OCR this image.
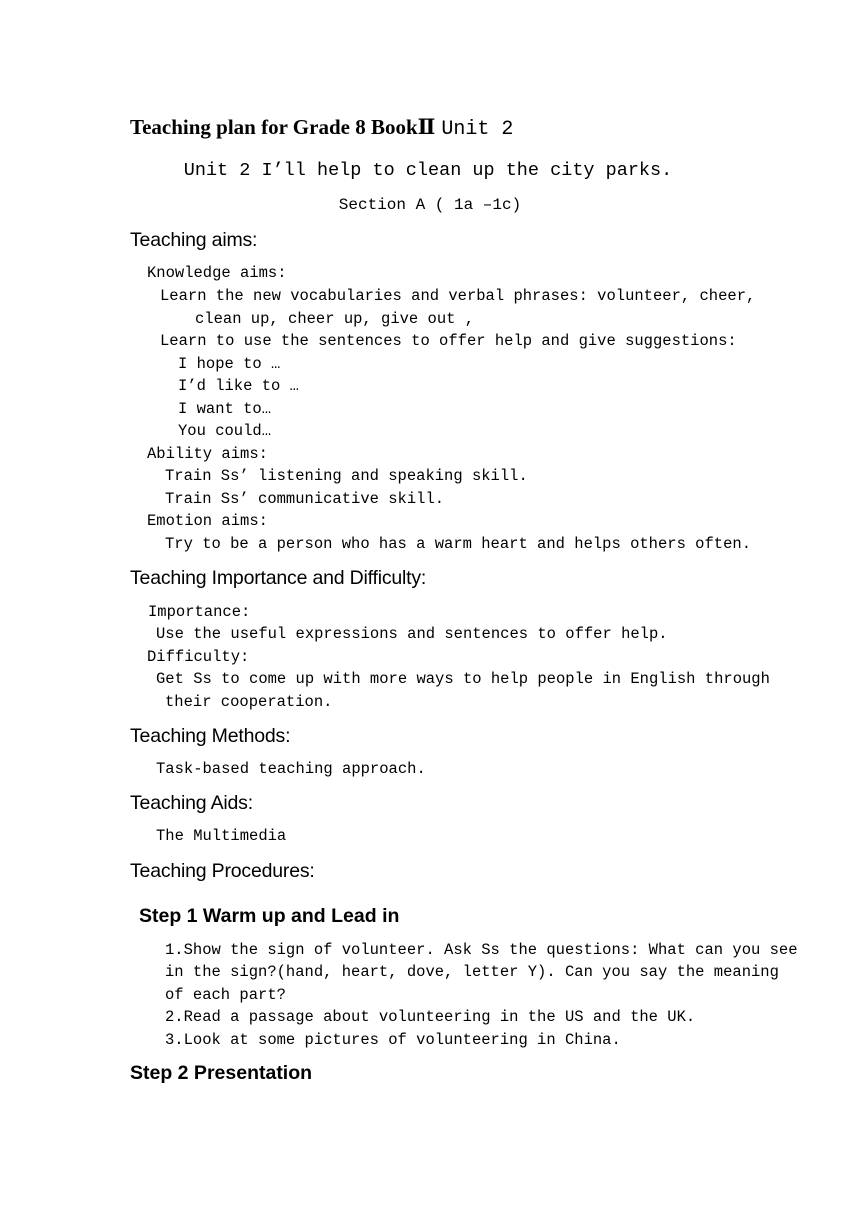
Teaching plan for Grade 8 BookⅡ Unit 2
Unit 2 I’ll help to clean up the city parks.
Section A ( 1a –1c)
Teaching aims:
Knowledge aims:
Learn the new vocabularies and verbal phrases: volunteer, cheer,
clean up, cheer up, give out ,
Learn to use the sentences to offer help and give suggestions:
I hope to …
I’d like to …
I want to…
You could…
Ability aims:
Train Ss’ listening and speaking skill.
Train Ss’ communicative skill.
Emotion aims:
Try to be a person who has a warm heart and helps others often.
Teaching Importance and Difficulty:
Importance:
Use the useful expressions and sentences to offer help.
Difficulty:
Get Ss to come up with more ways to help people in English through
their cooperation.
Teaching Methods:
Task-based teaching approach.
Teaching Aids:
The Multimedia
Teaching Procedures:
Step 1 Warm up and Lead in
1.Show the sign of volunteer. Ask Ss the questions: What can you see
in the sign?(hand, heart, dove, letter Y). Can you say the meaning
of each part?
2.Read a passage about volunteering in the US and the UK.
3.Look at some pictures of volunteering in China.
Step 2 Presentation
